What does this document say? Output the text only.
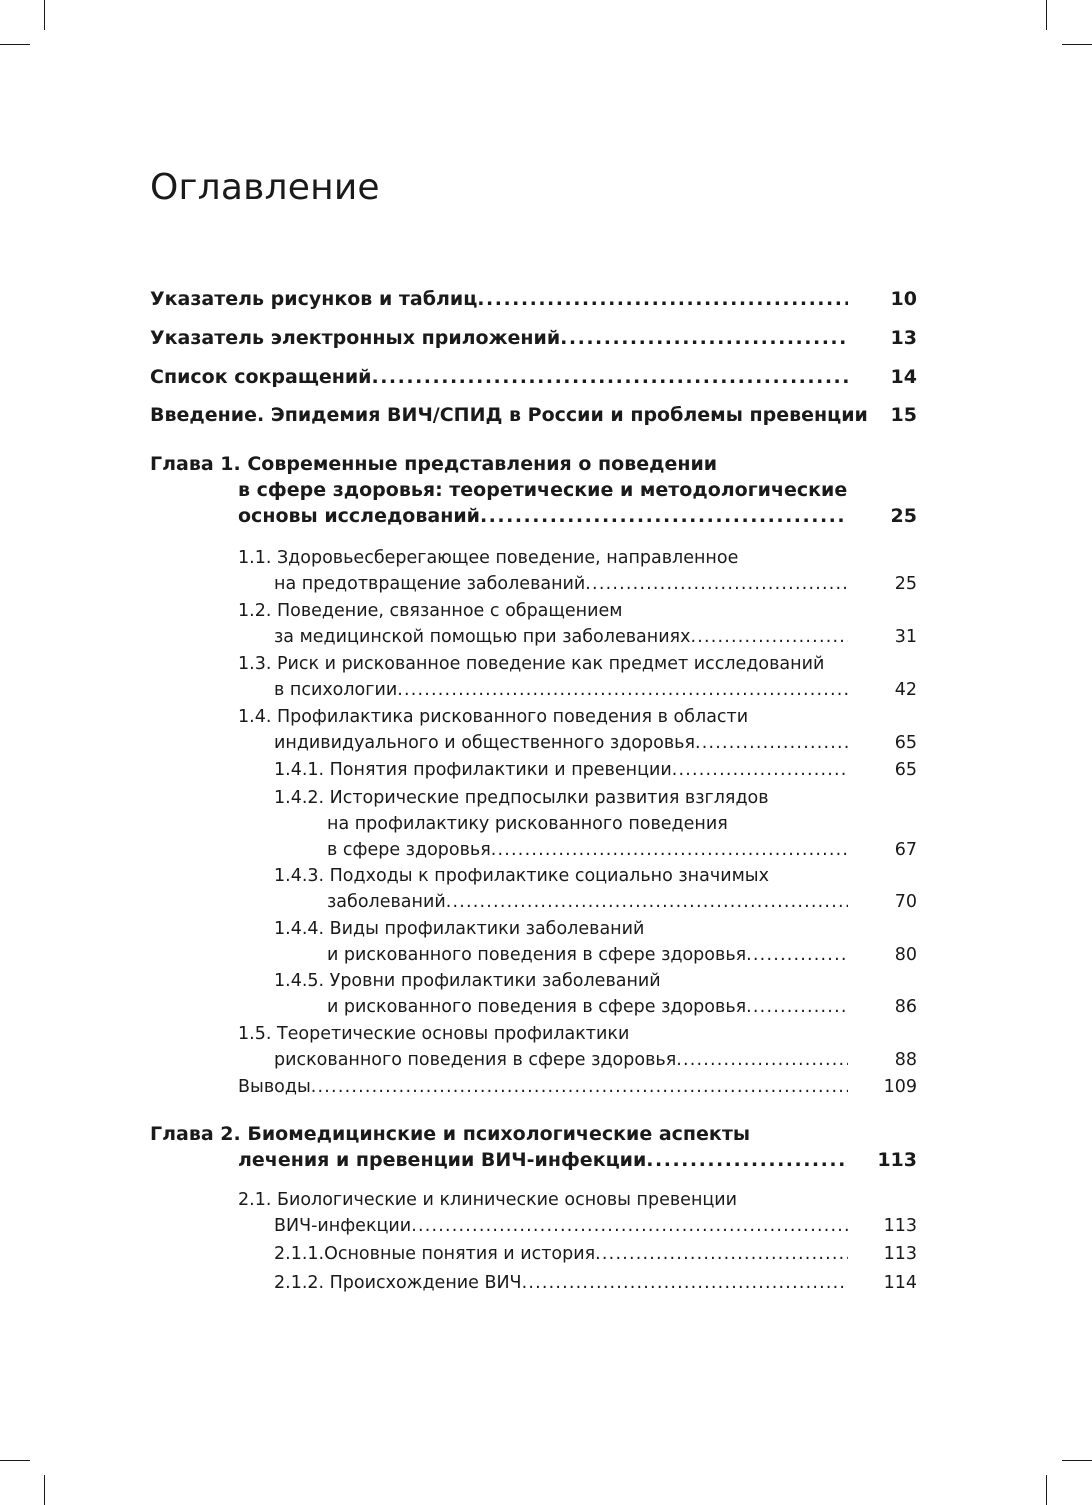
Оглавление
Указатель рисунков и таблиц .....	10
Указатель электронных приложений .....	13
Список сокращений .....	14
Введение. Эпидемия ВИЧ/СПИД в России и проблемы превенции	15
Глава 1. Современные представления о поведении
в сфере здоровья: теоретические и методологические
основы исследований .....	25
1.1. Здоровьесберегающее поведение, направленное
на предотвращение заболеваний .....	25
1.2. Поведение, связанное с обращением
за медицинской помощью при заболеваниях .....	31
1.3. Риск и рискованное поведение как предмет исследований
в психологии .....	42
1.4. Профилактика рискованного поведения в области
индивидуального и общественного здоровья .....	65
1.4.1. Понятия профилактики и превенции .....	65
1.4.2. Исторические предпосылки развития взглядов
на профилактику рискованного поведения
в сфере здоровья .....	67
1.4.3. Подходы к профилактике социально значимых
заболеваний .....	70
1.4.4. Виды профилактики заболеваний
и рискованного поведения в сфере здоровья .....	80
1.4.5. Уровни профилактики заболеваний
и рискованного поведения в сфере здоровья .....	86
1.5. Теоретические основы профилактики
рискованного поведения в сфере здоровья .....	88
Выводы .....	109
Глава 2. Биомедицинские и психологические аспекты
лечения и превенции ВИЧ-инфекции .....	113
2.1. Биологические и клинические основы превенции
ВИЧ-инфекции .....	113
2.1.1.Основные понятия и история .....	113
2.1.2. Происхождение ВИЧ .....	114
